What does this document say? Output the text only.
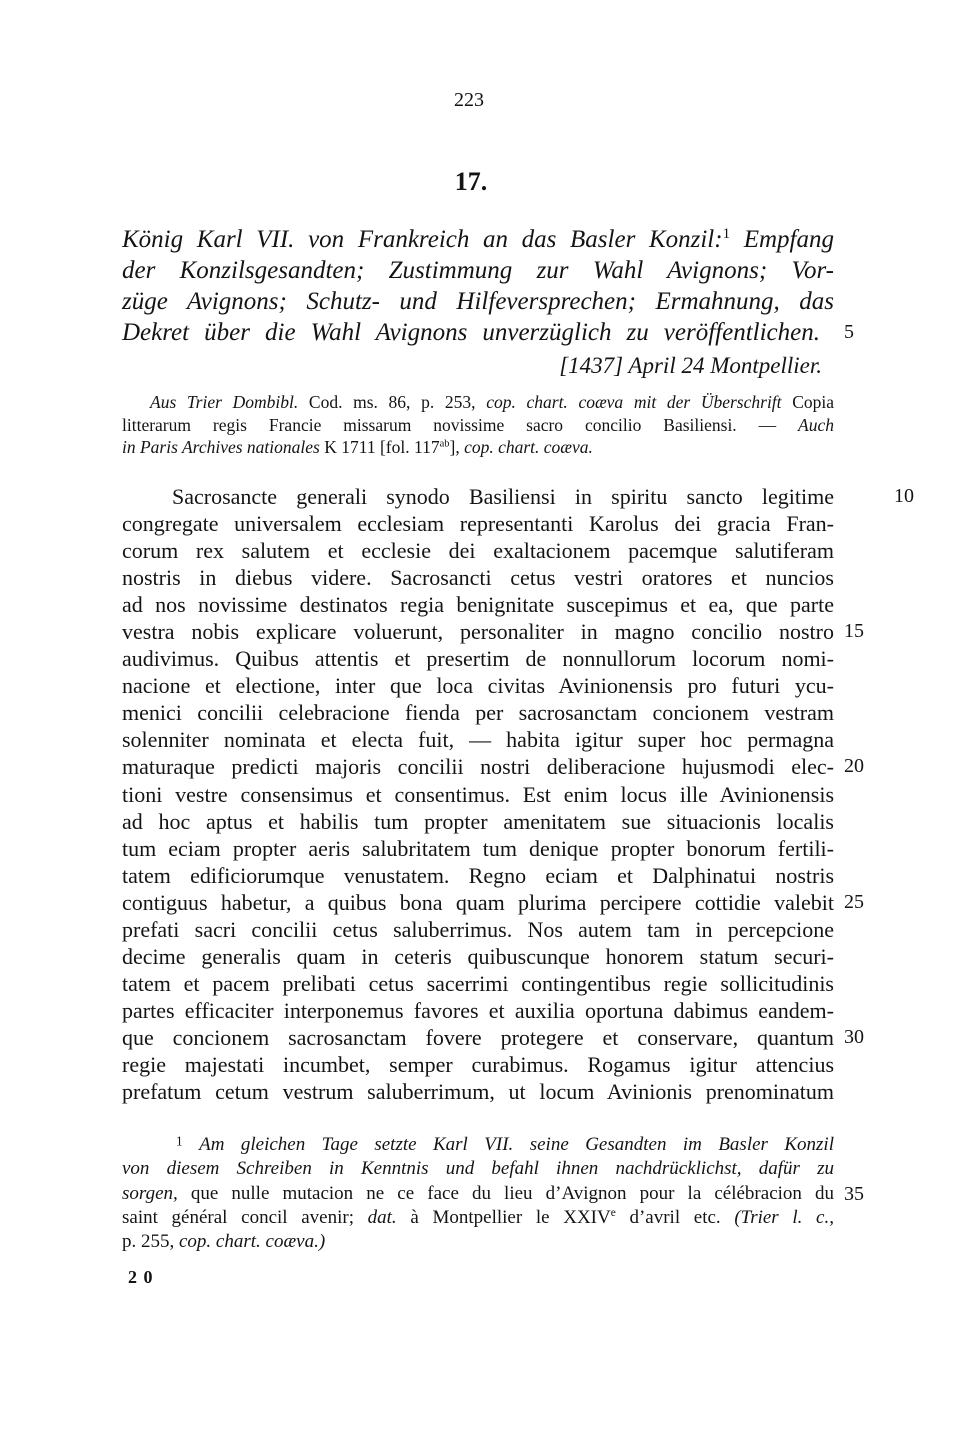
223
17.
König Karl VII. von Frankreich an das Basler Konzil:$^1$ Empfang
der Konzilsgesandten; Zustimmung zur Wahl Avignons; Vor-
züge Avignons; Schutz- und Hilfeversprechen; Ermahnung, das
5
Dekret über die Wahl Avignons unverzüglich zu veröffentlichen.
[1437] April 24 Montpellier.
Aus Trier Dombibl. Cod. ms. 86, p. 253, cop. chart. coæva mit der Überschrift Copia
litterarum regis Francie missarum novissime sacro concilio Basiliensi. — Auch
in Paris Archives nationales K 1711 [fol. $117^{ab}$], cop. chart. coæva.
10
Sacrosancte generali synodo Basiliensi in spiritu sancto legitime
congregate universalem ecclesiam representanti Karolus dei gracia Fran-
corum rex salutem et ecclesie dei exaltacionem pacemque salutiferam
nostris in diebus videre. Sacrosancti cetus vestri oratores et nuncios
ad nos novissime destinatos regia benignitate suscepimus et ea, que parte
15
vestra nobis explicare voluerunt, personaliter in magno concilio nostro
audivimus. Quibus attentis et presertim de nonnullorum locorum nomi-
nacione et electione, inter que loca civitas Avinionensis pro futuri ycu-
menici concilii celebracione fienda per sacrosanctam concionem vestram
solenniter nominata et electa fuit, — habita igitur super hoc permagna
20
maturaque predicti majoris concilii nostri deliberacione hujusmodi elec-
tioni vestre consensimus et consentimus. Est enim locus ille Avinionensis
ad hoc aptus et habilis tum propter amenitatem sue situacionis localis
tum eciam propter aeris salubritatem tum denique propter bonorum fertili-
tatem edificiorumque venustatem. Regno eciam et Dalphinatui nostris
25
contiguus habetur, a quibus bona quam plurima percipere cottidie valebit
prefati sacri concilii cetus saluberrimus. Nos autem tam in percepcione
decime generalis quam in ceteris quibuscunque honorem statum securi-
tatem et pacem prelibati cetus sacerrimi contingentibus regie sollicitudinis
partes efficaciter interponemus favores et auxilia oportuna dabimus eandem-
30
que concionem sacrosanctam fovere protegere et conservare, quantum
regie majestati incumbet, semper curabimus. Rogamus igitur attencius
prefatum cetum vestrum saluberrimum, ut locum Avinionis prenominatum
$^1$ Am gleichen Tage setzte Karl VII. seine Gesandten im Basler Konzil
von diesem Schreiben in Kenntnis und befahl ihnen nachdrücklichst, dafür zu
35
sorgen, que nulle mutacion ne ce face du lieu d’Avignon pour la célébracion du
saint général concil avenir; dat. à Montpellier le XXIVe d’avril etc. (Trier l. c.,
p. 255, cop. chart. coæva.)
2 0
